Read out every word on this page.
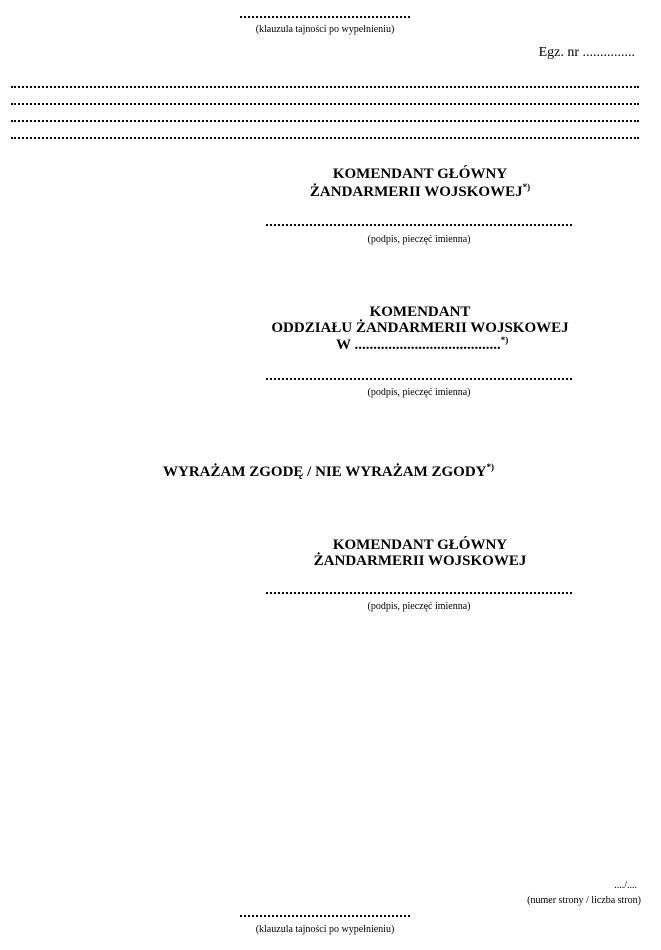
(klauzula tajności po wypełnieniu)
Egz. nr ...............
KOMENDANT GŁÓWNY
ŻANDARMERII WOJSKOWEJ*)
(podpis, pieczęć imienna)
KOMENDANT
ODDZIAŁU ŻANDARMERII WOJSKOWEJ
W .......................................*)
(podpis, pieczęć imienna)
WYRAŻAM ZGODĘ / NIE WYRAŻAM ZGODY*)
KOMENDANT GŁÓWNY
ŻANDARMERII WOJSKOWEJ
(podpis, pieczęć imienna)
..../....
(numer strony / liczba stron)
(klauzula tajności po wypełnieniu)
